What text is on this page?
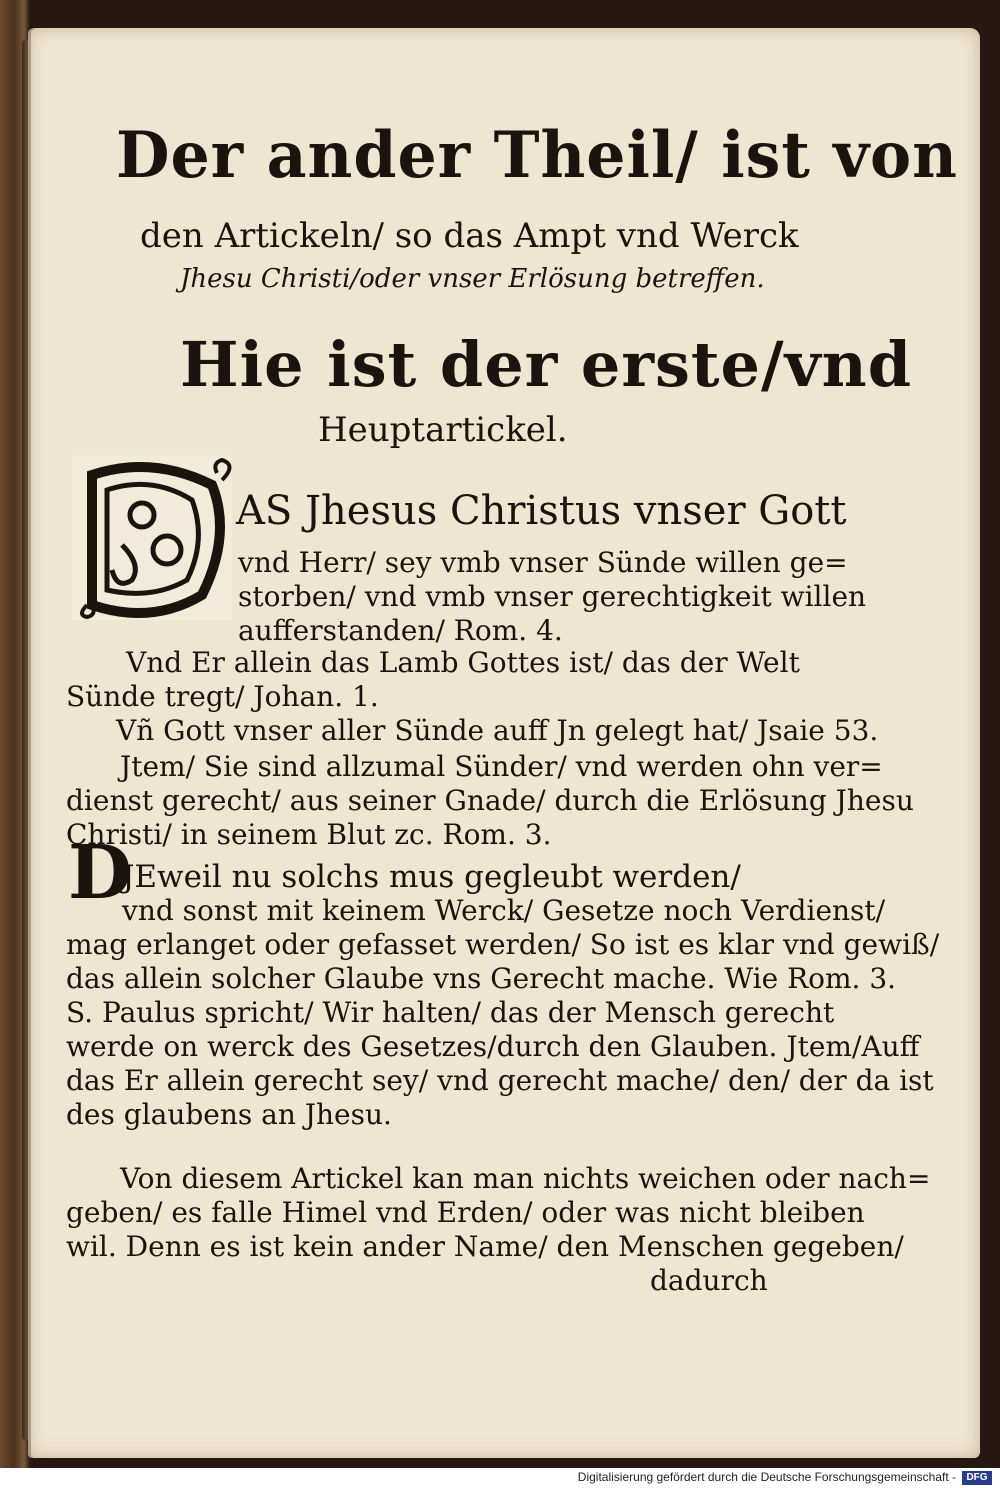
Der ander Theil/ ist von
den Artickeln/ so das Ampt vnd Werck
Jhesu Christi/oder vnser Erlösung betreffen.
Hie ist der erste/vnd
Heuptartickel.
AS Jhesus Christus vnser Gott
vnd Herr/ sey vmb vnser Sünde willen ge=
storben/ vnd vmb vnser gerechtigkeit willen
aufferstanden/ Rom. 4.
Vnd Er allein das Lamb Gottes ist/ das der Welt
Sünde tregt/ Johan. 1.
Vñ Gott vnser aller Sünde auff Jn gelegt hat/ Jsaie 53.
Jtem/ Sie sind allzumal Sünder/ vnd werden ohn ver=
dienst gerecht/ aus seiner Gnade/ durch die Erlösung Jhesu
Christi/ in seinem Blut zc. Rom. 3.
D
JEweil nu solchs mus gegleubt werden/
vnd sonst mit keinem Werck/ Gesetze noch Verdienst/
mag erlanget oder gefasset werden/ So ist es klar vnd gewiß/
das allein solcher Glaube vns Gerecht mache. Wie Rom. 3.
S. Paulus spricht/ Wir halten/ das der Mensch gerecht
werde on werck des Gesetzes/durch den Glauben. Jtem/Auff
das Er allein gerecht sey/ vnd gerecht mache/ den/ der da ist
des glaubens an Jhesu.
Von diesem Artickel kan man nichts weichen oder nach=
geben/ es falle Himel vnd Erden/ oder was nicht bleiben
wil. Denn es ist kein ander Name/ den Menschen gegeben/
dadurch
Digitalisierung gefördert durch die Deutsche Forschungsgemeinschaft -	DFG
